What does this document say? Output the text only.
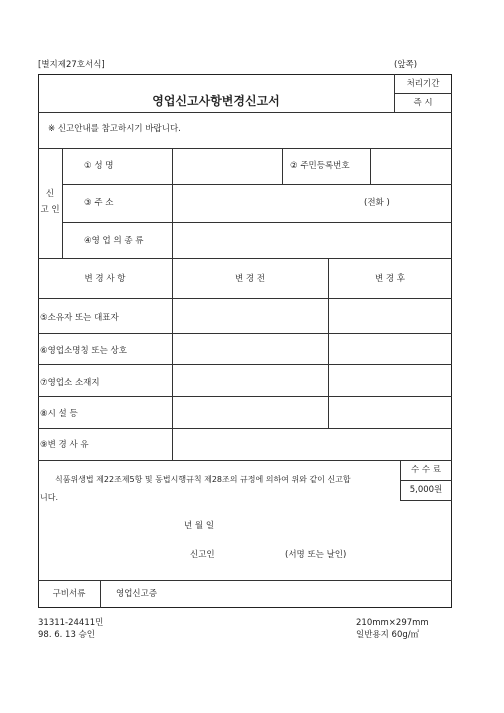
[별지제27호서식]	(앞쪽)
영업신고사항변경신고서
처리기간
즉 시
※ 신고안내를 참고하시기 바랍니다.
신
고 인
① 성 명	② 주민등록번호
③ 주 소	(전화 )
④영 업 의 종 류
변 경 사 항	변 경 전	변 경 후
⑤소유자 또는 대표자
⑥영업소명칭 또는 상호
⑦영업소 소재지
⑧시 설 등
⑨변 경 사 유
수 수 료
5,000원
식품위생법 제22조제5항 및 동법시행규칙 제28조의 규정에 의하여 위와 같이 신고합
니다.
년 월 일
신고인	(서명 또는 날인)
구비서류	영업신고증
31311-24411민
98. 6. 13 승인
210mm×297mm
일반용지 60g/㎡
